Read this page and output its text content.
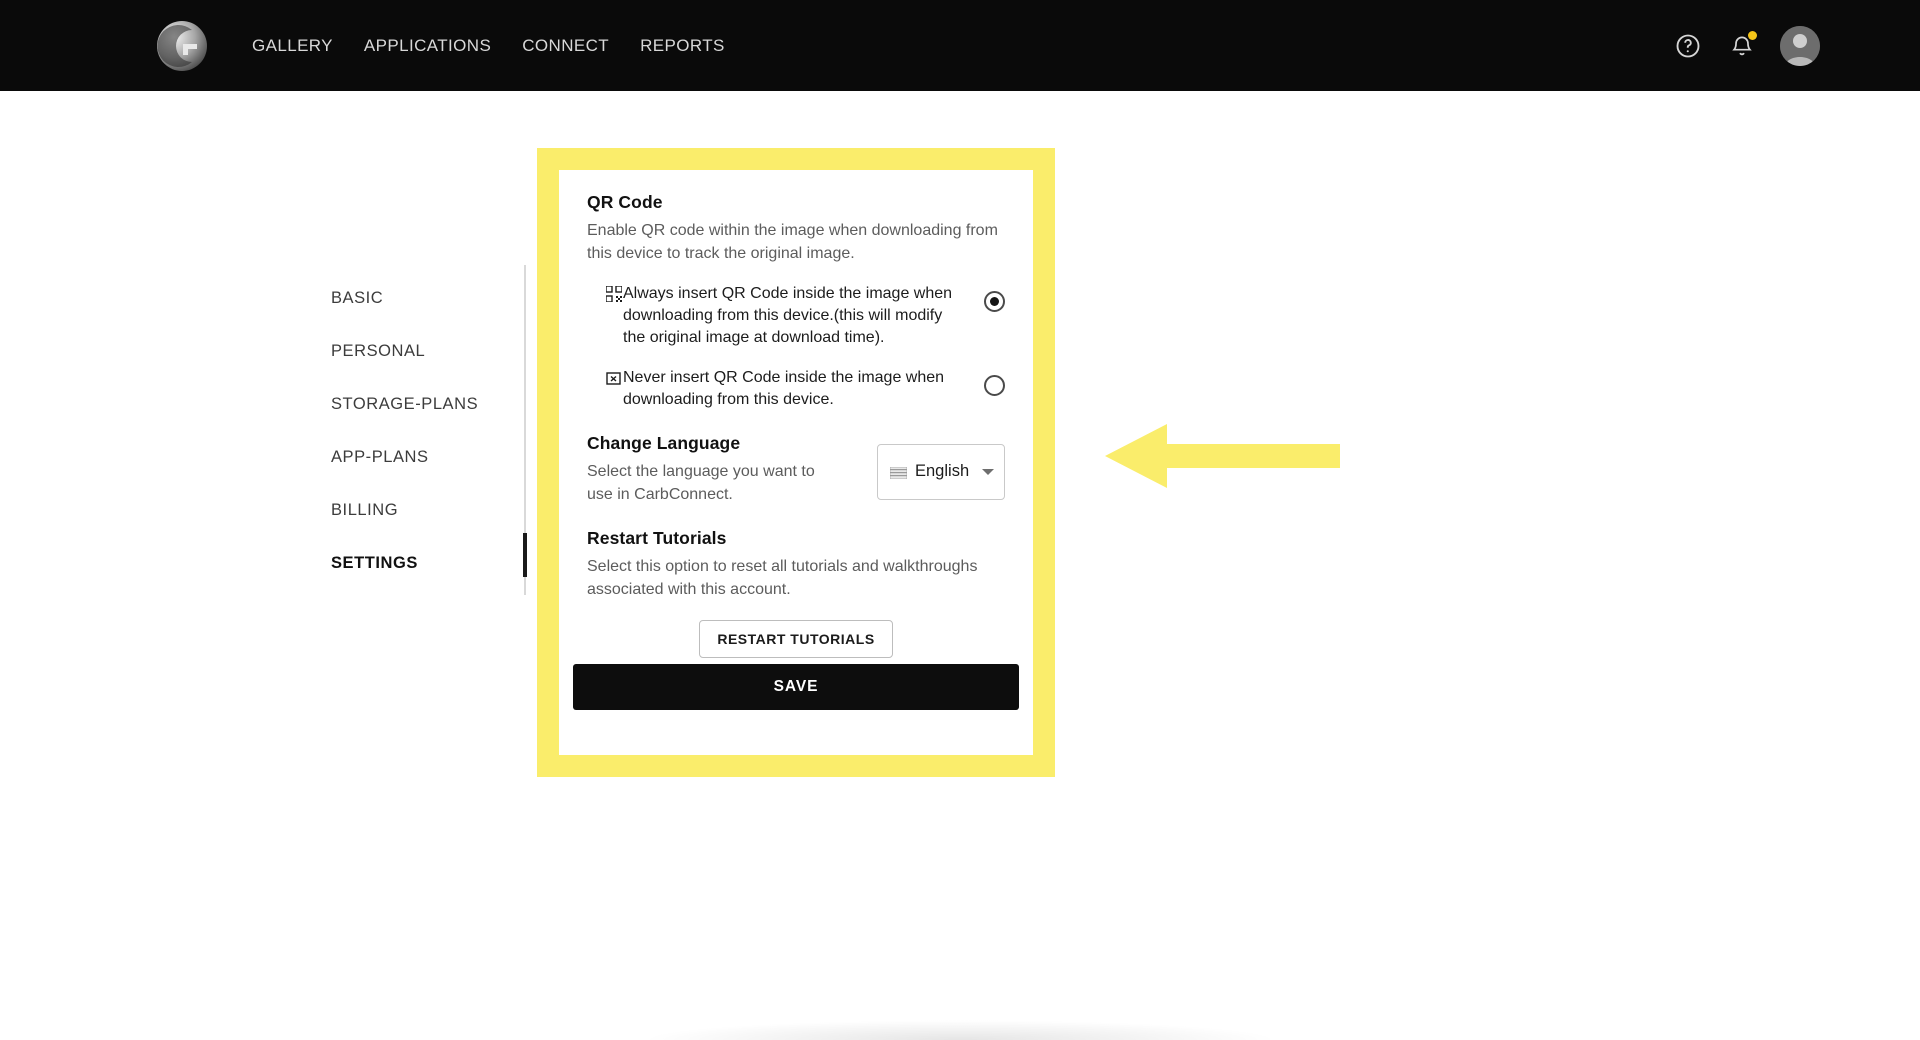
GALLERY APPLICATIONS CONNECT REPORTS
BASIC
PERSONAL
STORAGE-PLANS
APP-PLANS
BILLING
SETTINGS
QR Code

Enable QR code within the image when downloading from this device to track the original image.

Always insert QR Code inside the image when downloading from this device.(this will modify the original image at download time).
Never insert QR Code inside the image when downloading from this device.
Change Language

Select the language you want to use in CarbConnect.

English
Restart Tutorials

Select this option to reset all tutorials and walkthroughs associated with this account.

RESTART TUTORIALS
SAVE
